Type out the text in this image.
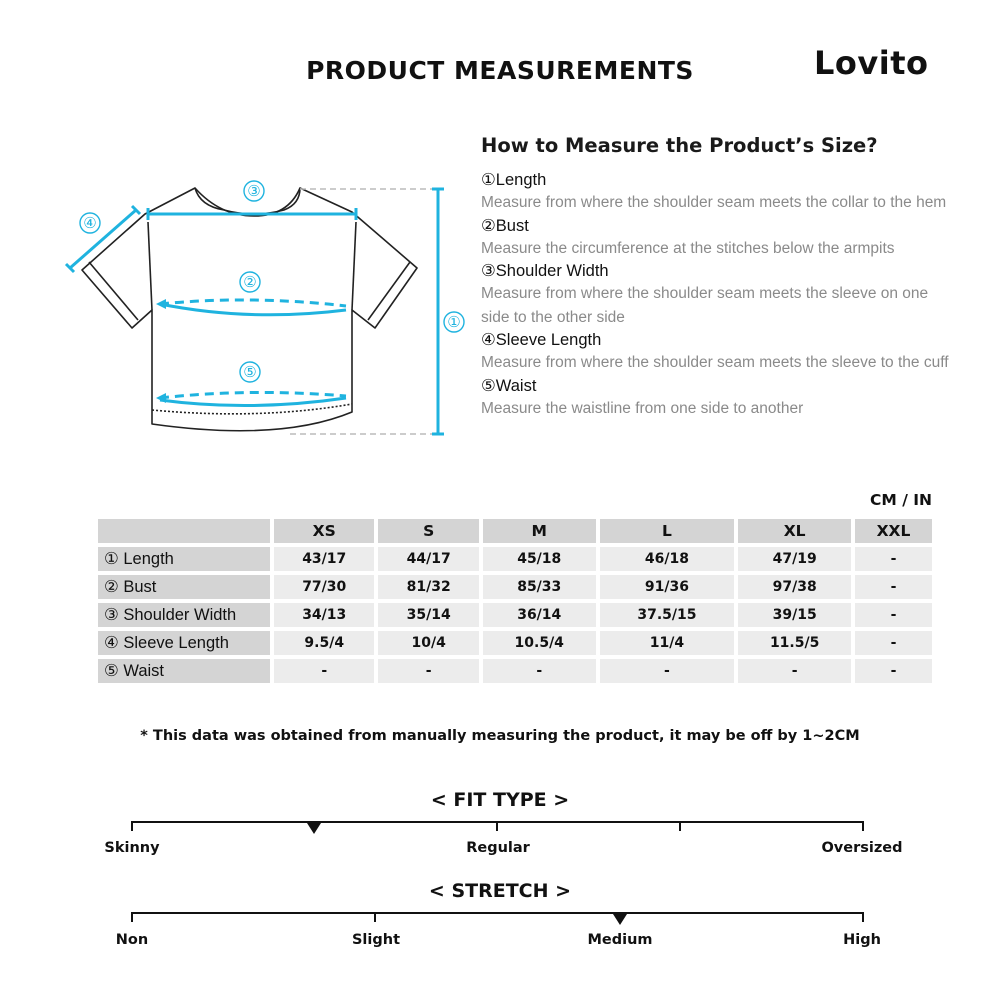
PRODUCT MEASUREMENTS	Lovito
③
④
②
⑤
①
How to Measure the Product’s Size?
①Length
Measure from where the shoulder seam meets the collar to the hem
②Bust
Measure the circumference at the stitches below the armpits
③Shoulder Width
Measure from where the shoulder seam meets the sleeve on one side to the other side
④Sleeve Length
Measure from where the shoulder seam meets the sleeve to the cuff
⑤Waist
Measure the waistline from one side to another
CM / IN
	XS	S	M	L	XL	XXL
① Length	43/17	44/17	45/18	46/18	47/19	-
② Bust	77/30	81/32	85/33	91/36	97/38	-
③ Shoulder Width	34/13	35/14	36/14	37.5/15	39/15	-
④ Sleeve Length	9.5/4	10/4	10.5/4	11/4	11.5/5	-
⑤ Waist	-	-	-	-	-	-
* This data was obtained from manually measuring the product, it may be off by 1~2CM
< FIT TYPE >
Skinny	Regular	Oversized
< STRETCH >
Non	Slight	Medium	High
